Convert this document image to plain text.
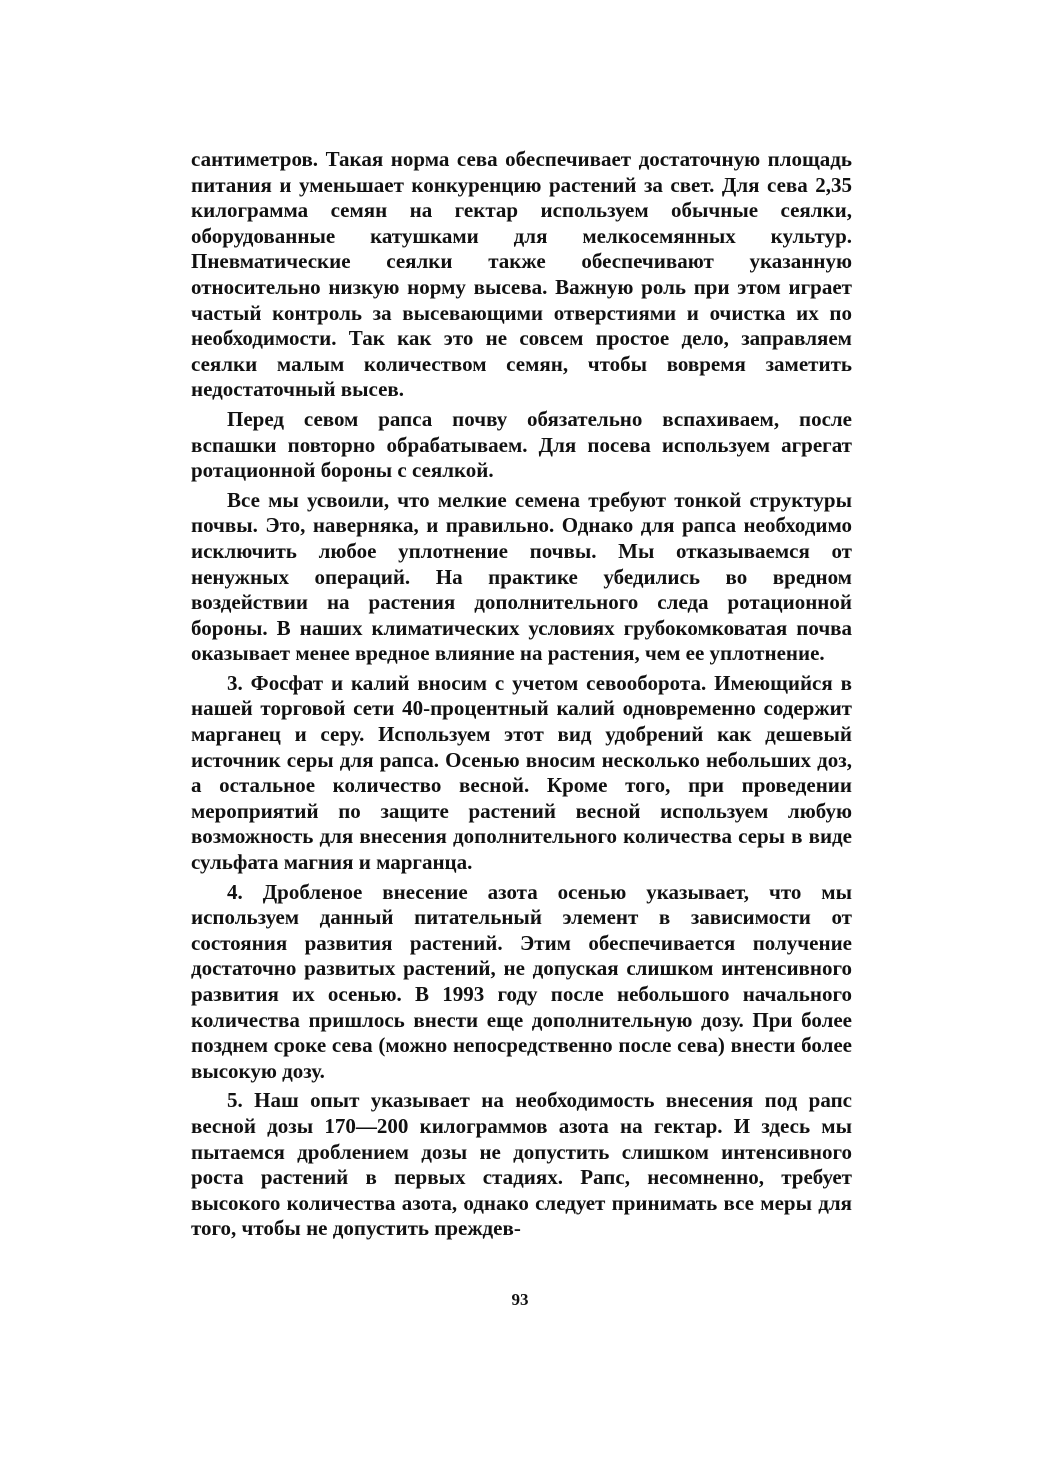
сантиметров. Такая норма сева обеспечивает достаточную площадь питания и уменьшает конкуренцию растений за свет. Для сева 2,35 килограмма семян на гектар используем обычные сеялки, оборудованные катушками для мелкосемянных культур. Пневматические сеялки также обеспечивают указанную относительно низкую норму высева. Важную роль при этом играет частый контроль за высевающими отверстиями и очистка их по необходимости. Так как это не совсем простое дело, заправляем сеялки малым количеством семян, чтобы вовремя заметить недостаточный высев.

Перед севом рапса почву обязательно вспахиваем, после вспашки повторно обрабатываем. Для посева используем агрегат ротационной бороны с сеялкой.

Все мы усвоили, что мелкие семена требуют тонкой структуры почвы. Это, наверняка, и правильно. Однако для рапса необходимо исключить любое уплотнение почвы. Мы отказываемся от ненужных операций. На практике убедились во вредном воздействии на растения дополнительного следа ротационной бороны. В наших климатических условиях грубокомковатая почва оказывает менее вредное влияние на растения, чем ее уплотнение.

3. Фосфат и калий вносим с учетом севооборота. Имеющийся в нашей торговой сети 40-процентный калий одновременно содержит марганец и серу. Используем этот вид удобрений как дешевый источник серы для рапса. Осенью вносим несколько небольших доз, а остальное количество весной. Кроме того, при проведении мероприятий по защите растений весной используем любую возможность для внесения дополнительного количества серы в виде сульфата магния и марганца.

4. Дробленое внесение азота осенью указывает, что мы используем данный питательный элемент в зависимости от состояния развития растений. Этим обеспечивается получение достаточно развитых растений, не допуская слишком интенсивного развития их осенью. В 1993 году после небольшого начального количества пришлось внести еще дополнительную дозу. При более позднем сроке сева (можно непосредственно после сева) внести более высокую дозу.

5. Наш опыт указывает на необходимость внесения под рапс весной дозы 170—200 килограммов азота на гектар. И здесь мы пытаемся дроблением дозы не допустить слишком интенсивного роста растений в первых стадиях. Рапс, несомненно, требует высокого количества азота, однако следует принимать все меры для того, чтобы не допустить преждев-

93
